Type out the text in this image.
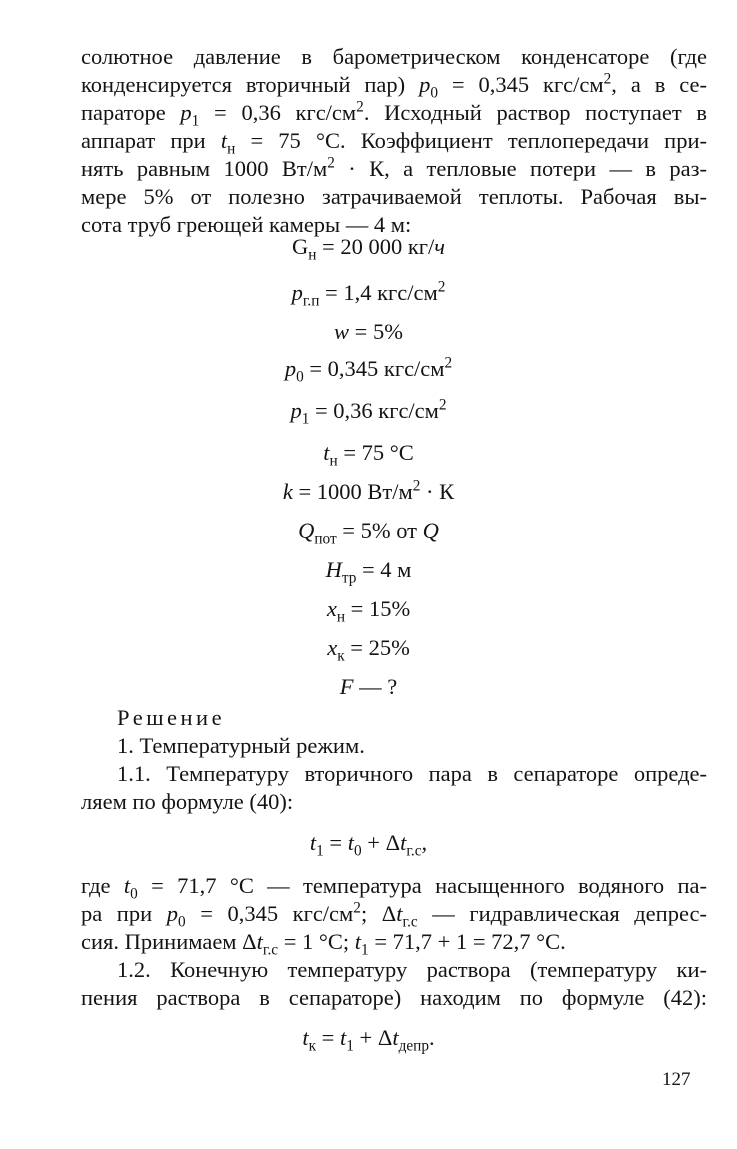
солютное давление в барометрическом конденсаторе (где
конденсируется вторичный пар) $p_0 = 0,345$ кгс/$см^2$, а в се-
параторе $p_1 = 0,36$ кгс/$см^2$. Исходный раствор поступает в
аппарат при $t_н = 75$ °С. Коэффициент теплопередачи при-
нять равным 1000 $Вт/м^2 \cdot К$, а тепловые потери — в раз-
мере 5% от полезно затрачиваемой теплоты. Рабочая вы-
сота труб греющей камеры — 4 м:
$G_н = 20$ 000 кг/ч
$p_{г.п} = 1,4$ кгс/$см^2$
w = 5%
$p_0 = 0,345$ кгс/$см^2$
$p_1 = 0,36$ кгс/$см^2$
$t_н = 75$ °С
k = 1000 $Вт/м^2 \cdot К$
$Q_{пот} = 5\%$ от Q
$H_{тр} = 4$ м
$x_н = 15\%$
$x_к = 25\%$
F — ?
Решение
1. Температурный режим.
1.1. Температуру вторичного пара в сепараторе опреде-
ляем по формуле (40):
$t_1 = t_0 + \Delta t_{г.с}$,
где $t_0 = 71,7$ °С — температура насыщенного водяного па-
ра при $p_0 = 0,345$ кгс/$см^2$; $\Delta t_{г.с}$ — гидравлическая депрес-
сия. Принимаем $\Delta t_{г.с} = 1$ °С; $t_1 = 71,7 + 1 = 72,7$ °С.
1.2. Конечную температуру раствора (температуру ки-
пения раствора в сепараторе) находим по формуле (42):
$t_к = t_1 + \Delta t_{депр}$.
127
